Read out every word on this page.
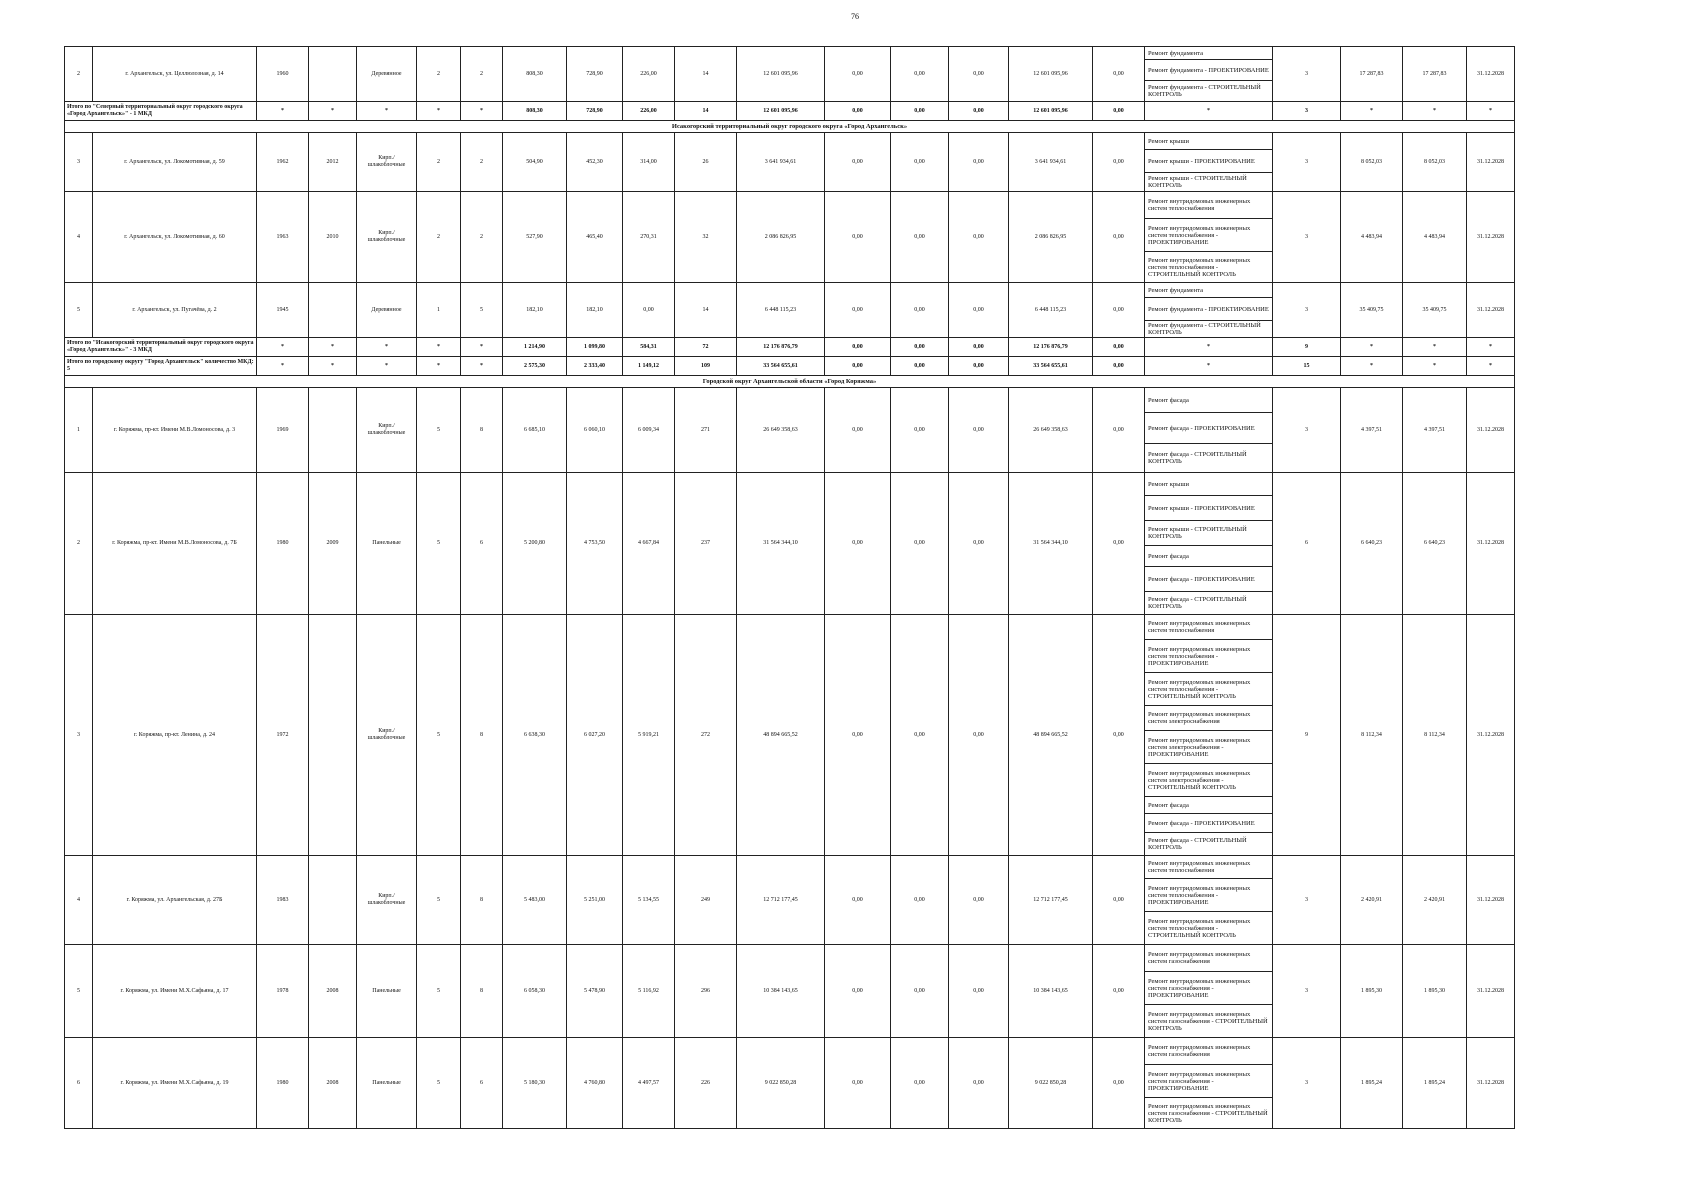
76
2	г. Архангельск, ул. Целлюлозная, д. 14	1960		Деревянное	2	2	808,30	728,90	226,00	14	12 601 095,96	0,00	0,00	0,00	12 601 095,96	0,00	Ремонт фундамента	3	17 287,83	17 287,83	31.12.2028
																	Ремонт фундамента - ПРОЕКТИРОВАНИЕ				
																	Ремонт фундамента - СТРОИТЕЛЬНЫЙ КОНТРОЛЬ				
Итого по "Северный территориальный округ городского округа «Город Архангельск»" - 1 МКД		*	*	*	*	*	808,30	728,90	226,00	14	12 601 095,96	0,00	0,00	0,00	12 601 095,96	0,00	*	3	*	*	*
Исакогорский территориальный округ городского округа «Город Архангельск»																					
3	г. Архангельск, ул. Локомотивная, д. 59	1962	2012	Кирп./ шлакоблочные	2	2	504,90	452,30	314,00	26	3 641 934,61	0,00	0,00	0,00	3 641 934,61	0,00	Ремонт крыши	3	8 052,03	8 052,03	31.12.2028
																	Ремонт крыши - ПРОЕКТИРОВАНИЕ				
																	Ремонт крыши - СТРОИТЕЛЬНЫЙ КОНТРОЛЬ				
4	г. Архангельск, ул. Локомотивная, д. 60	1963	2010	Кирп./ шлакоблочные	2	2	527,90	465,40	270,31	32	2 086 826,95	0,00	0,00	0,00	2 086 826,95	0,00	Ремонт внутридомовых инженерных систем теплоснабжения	3	4 483,94	4 483,94	31.12.2028
																	Ремонт внутридомовых инженерных систем теплоснабжения - ПРОЕКТИРОВАНИЕ				
																	Ремонт внутридомовых инженерных систем теплоснабжения - СТРОИТЕЛЬНЫЙ КОНТРОЛЬ				
5	г. Архангельск, ул. Пугачёва, д. 2	1945		Деревянное	1	5	182,10	182,10	0,00	14	6 448 115,23	0,00	0,00	0,00	6 448 115,23	0,00	Ремонт фундамента	3	35 409,75	35 409,75	31.12.2028
																	Ремонт фундамента - ПРОЕКТИРОВАНИЕ				
																	Ремонт фундамента - СТРОИТЕЛЬНЫЙ КОНТРОЛЬ				
Итого по "Исакогорский территориальный округ городского округа «Город Архангельск»" - 3 МКД		*	*	*	*	*	1 214,90	1 099,80	584,31	72	12 176 876,79	0,00	0,00	0,00	12 176 876,79	0,00	*	9	*	*	*
Итого по городскому округу "Город Архангельск" количество МКД: 5		*	*	*	*	*	2 575,30	2 333,40	1 149,12	109	33 564 655,61	0,00	0,00	0,00	33 564 655,61	0,00	*	15	*	*	*
Городской округ Архангельской области «Город Коряжма»																					
1	г. Коряжма, пр-кт. Имени М.В.Ломоносова, д. 3	1969		Кирп./ шлакоблочные	5	8	6 685,10	6 060,10	6 009,34	271	26 649 358,63	0,00	0,00	0,00	26 649 358,63	0,00	Ремонт фасада	3	4 397,51	4 397,51	31.12.2028
																	Ремонт фасада - ПРОЕКТИРОВАНИЕ				
																	Ремонт фасада - СТРОИТЕЛЬНЫЙ КОНТРОЛЬ				
2	г. Коряжма, пр-кт. Имени М.В.Ломоносова, д. 7Б	1980	2009	Панельные	5	6	5 200,80	4 753,50	4 667,84	237	31 564 344,10	0,00	0,00	0,00	31 564 344,10	0,00	Ремонт крыши	6	6 640,23	6 640,23	31.12.2028
																	Ремонт крыши - ПРОЕКТИРОВАНИЕ				
																	Ремонт крыши - СТРОИТЕЛЬНЫЙ КОНТРОЛЬ				
																	Ремонт фасада				
																	Ремонт фасада - ПРОЕКТИРОВАНИЕ				
																	Ремонт фасада - СТРОИТЕЛЬНЫЙ КОНТРОЛЬ				
3	г. Коряжма, пр-кт. Ленина, д. 24	1972		Кирп./ шлакоблочные	5	8	6 638,30	6 027,20	5 919,21	272	48 894 665,52	0,00	0,00	0,00	48 894 665,52	0,00	Ремонт внутридомовых инженерных систем теплоснабжения	9	8 112,34	8 112,34	31.12.2028
																	Ремонт внутридомовых инженерных систем теплоснабжения - ПРОЕКТИРОВАНИЕ				
																	Ремонт внутридомовых инженерных систем теплоснабжения - СТРОИТЕЛЬНЫЙ КОНТРОЛЬ				
																	Ремонт внутридомовых инженерных систем электроснабжения				
																	Ремонт внутридомовых инженерных систем электроснабжения - ПРОЕКТИРОВАНИЕ				
																	Ремонт внутридомовых инженерных систем электроснабжения - СТРОИТЕЛЬНЫЙ КОНТРОЛЬ				
																	Ремонт фасада				
																	Ремонт фасада - ПРОЕКТИРОВАНИЕ				
																	Ремонт фасада - СТРОИТЕЛЬНЫЙ КОНТРОЛЬ				
4	г. Коряжма, ул. Архангельская, д. 27Б	1983		Кирп./ шлакоблочные	5	8	5 483,00	5 251,00	5 134,55	249	12 712 177,45	0,00	0,00	0,00	12 712 177,45	0,00	Ремонт внутридомовых инженерных систем теплоснабжения	3	2 420,91	2 420,91	31.12.2028
																	Ремонт внутридомовых инженерных систем теплоснабжения - ПРОЕКТИРОВАНИЕ				
																	Ремонт внутридомовых инженерных систем теплоснабжения - СТРОИТЕЛЬНЫЙ КОНТРОЛЬ				
5	г. Коряжма, ул. Имени М.Х.Сафьяна, д. 17	1978	2008	Панельные	5	8	6 058,30	5 478,90	5 116,92	296	10 384 143,65	0,00	0,00	0,00	10 384 143,65	0,00	Ремонт внутридомовых инженерных систем газоснабжения	3	1 895,30	1 895,30	31.12.2028
																	Ремонт внутридомовых инженерных систем газоснабжения - ПРОЕКТИРОВАНИЕ				
																	Ремонт внутридомовых инженерных систем газоснабжения - СТРОИТЕЛЬНЫЙ КОНТРОЛЬ				
6	г. Коряжма, ул. Имени М.Х.Сафьяна, д. 19	1980	2008	Панельные	5	6	5 180,30	4 760,80	4 497,57	226	9 022 850,28	0,00	0,00	0,00	9 022 850,28	0,00	Ремонт внутридомовых инженерных систем газоснабжения	3	1 895,24	1 895,24	31.12.2028
																	Ремонт внутридомовых инженерных систем газоснабжения - ПРОЕКТИРОВАНИЕ				
																	Ремонт внутридомовых инженерных систем газоснабжения - СТРОИТЕЛЬНЫЙ КОНТРОЛЬ				
